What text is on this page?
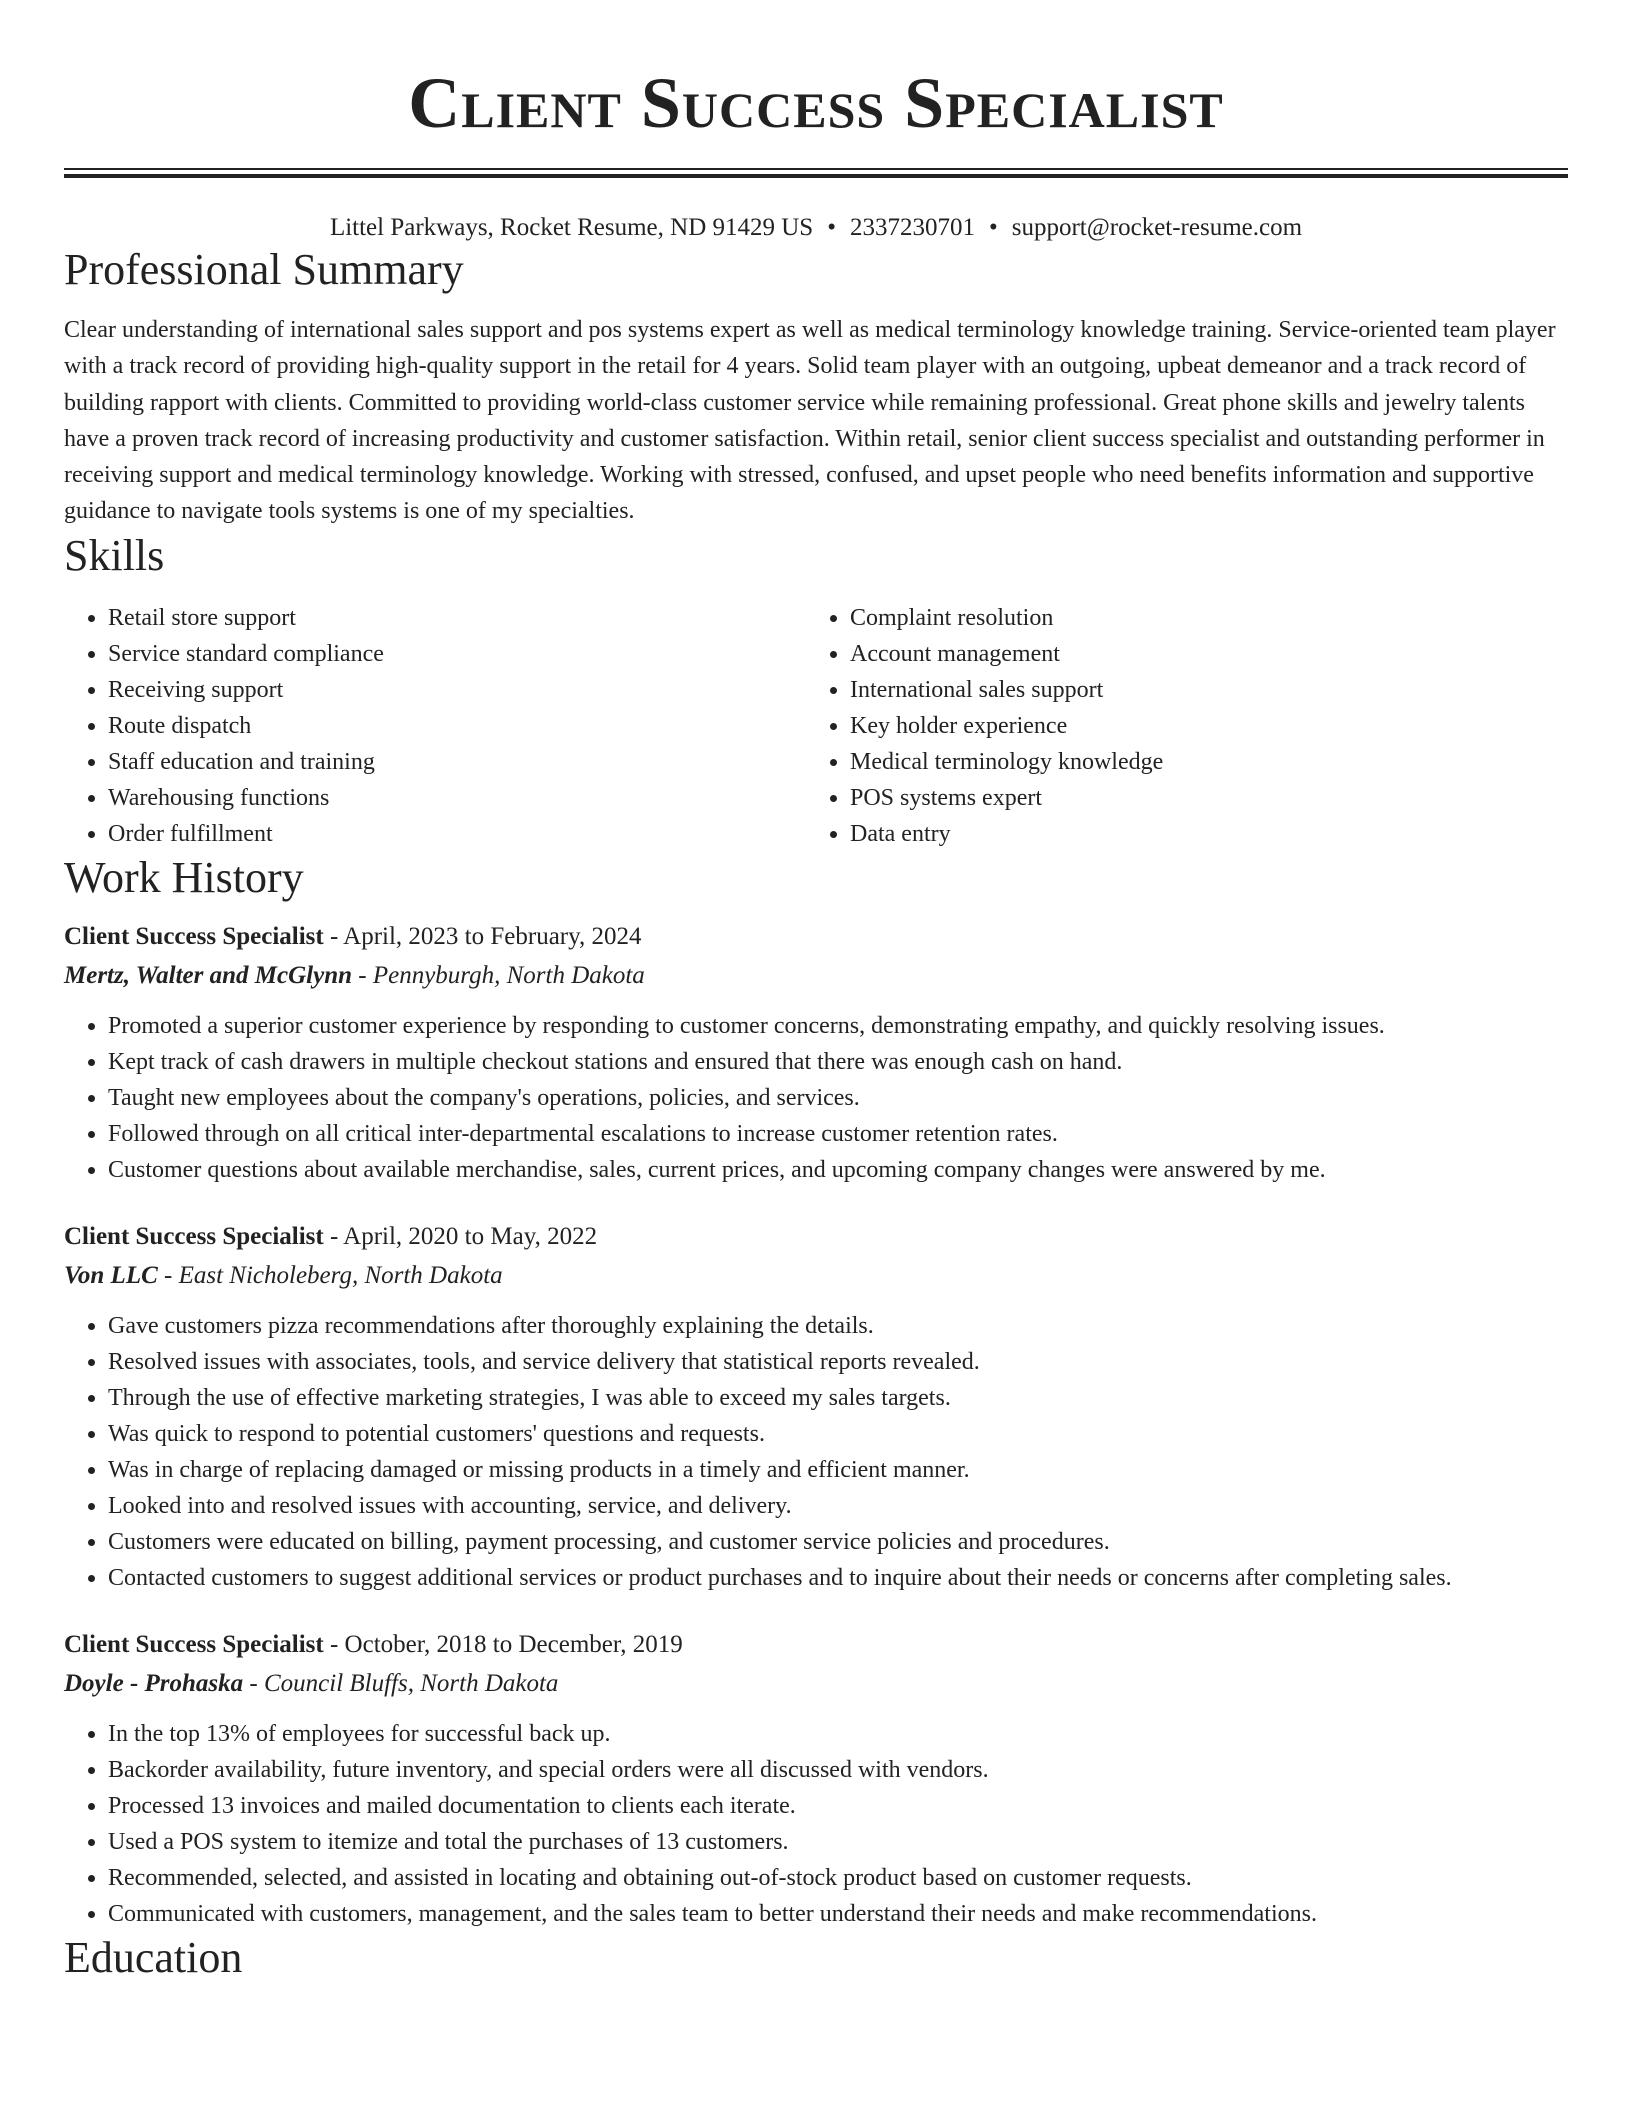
Client Success Specialist
Littel Parkways, Rocket Resume, ND 91429 US • 2337230701 • support@rocket-resume.com
Professional Summary

Clear understanding of international sales support and pos systems expert as well as medical terminology knowledge training. Service-oriented team player with a track record of providing high-quality support in the retail for 4 years. Solid team player with an outgoing, upbeat demeanor and a track record of building rapport with clients. Committed to providing world-class customer service while remaining professional. Great phone skills and jewelry talents have a proven track record of increasing productivity and customer satisfaction. Within retail, senior client success specialist and outstanding performer in receiving support and medical terminology knowledge. Working with stressed, confused, and upset people who need benefits information and supportive guidance to navigate tools systems is one of my specialties.

Skills
• Retail store support
• Service standard compliance
• Receiving support
• Route dispatch
• Staff education and training
• Warehousing functions
• Order fulfillment
• Complaint resolution
• Account management
• International sales support
• Key holder experience
• Medical terminology knowledge
• POS systems expert
• Data entry
Work History
Client Success Specialist - April, 2023 to February, 2024
Mertz, Walter and McGlynn - Pennyburgh, North Dakota
• Promoted a superior customer experience by responding to customer concerns, demonstrating empathy, and quickly resolving issues.
• Kept track of cash drawers in multiple checkout stations and ensured that there was enough cash on hand.
• Taught new employees about the company's operations, policies, and services.
• Followed through on all critical inter-departmental escalations to increase customer retention rates.
• Customer questions about available merchandise, sales, current prices, and upcoming company changes were answered by me.
Client Success Specialist - April, 2020 to May, 2022
Von LLC - East Nicholeberg, North Dakota
• Gave customers pizza recommendations after thoroughly explaining the details.
• Resolved issues with associates, tools, and service delivery that statistical reports revealed.
• Through the use of effective marketing strategies, I was able to exceed my sales targets.
• Was quick to respond to potential customers' questions and requests.
• Was in charge of replacing damaged or missing products in a timely and efficient manner.
• Looked into and resolved issues with accounting, service, and delivery.
• Customers were educated on billing, payment processing, and customer service policies and procedures.
• Contacted customers to suggest additional services or product purchases and to inquire about their needs or concerns after completing sales.
Client Success Specialist - October, 2018 to December, 2019
Doyle - Prohaska - Council Bluffs, North Dakota
• In the top 13% of employees for successful back up.
• Backorder availability, future inventory, and special orders were all discussed with vendors.
• Processed 13 invoices and mailed documentation to clients each iterate.
• Used a POS system to itemize and total the purchases of 13 customers.
• Recommended, selected, and assisted in locating and obtaining out-of-stock product based on customer requests.
• Communicated with customers, management, and the sales team to better understand their needs and make recommendations.
Education
